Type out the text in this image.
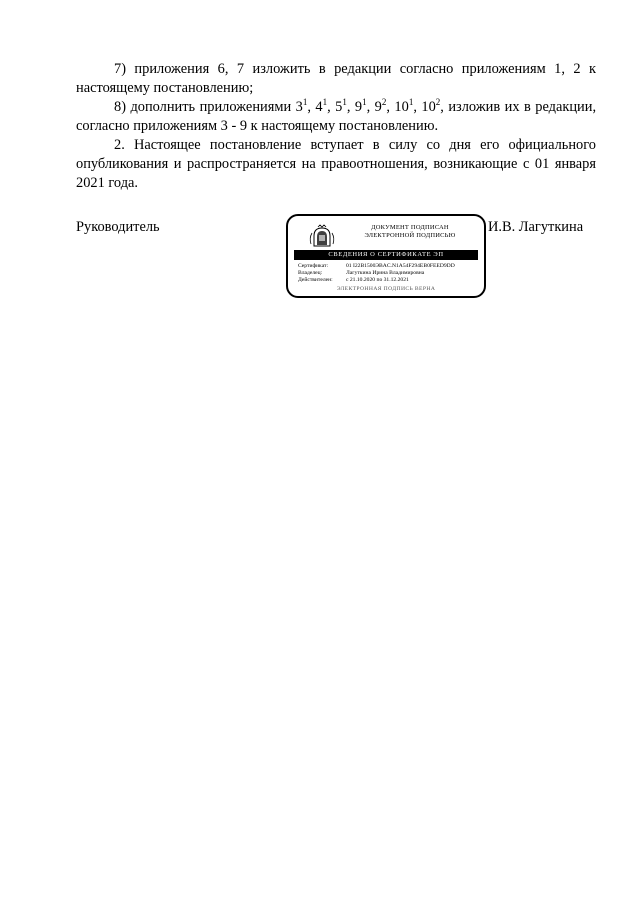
7) приложения 6, 7 изложить в редакции согласно приложениям 1, 2 к настоящему постановлению;

8) дополнить приложениями $3^1$, $4^1$, $5^1$, $9^1$, $9^2$, $10^1$, $10^2$, изложив их в редакции, согласно приложениям 3 - 9 к настоящему постановлению.

2. Настоящее постановление вступает в силу со дня его официального опубликования и распространяется на правоотношения, возникающие с 01 января 2021 года.

Руководитель	ДОКУМЕНТ ПОДПИСАН
ЭЛЕКТРОННОЙ ПОДПИСЬЮ
СВЕДЕНИЯ О СЕРТИФИКАТЕ ЭП
Сертификат:	01 I22B1500ЭBAC.N1A54F294EB0FEED9DD
Владелец:	Лагуткина Ирина Владимировна
Действителен:	с 21.10.2020 по 31.12.2021
ЭЛЕКТРОННАЯ ПОДПИСЬ ВЕРНА
И.В. Лагуткина
